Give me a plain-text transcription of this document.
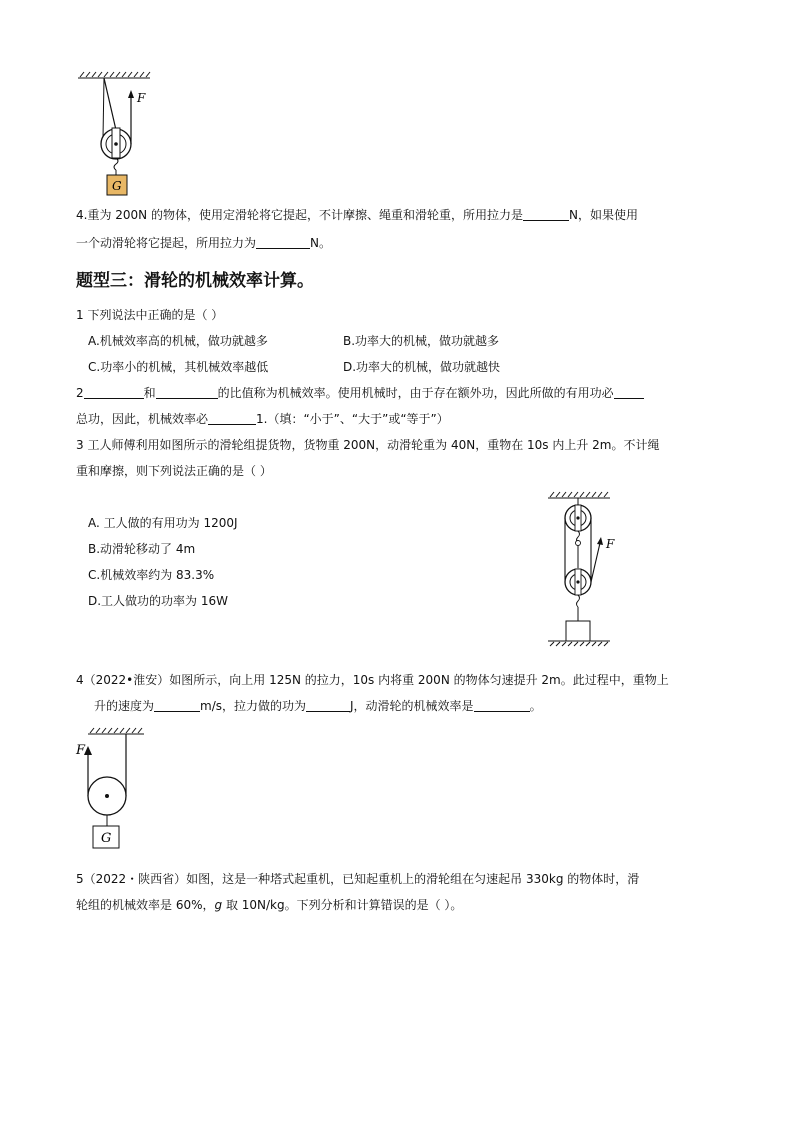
F
G
4.重为 200N 的物体，使用定滑轮将它提起，不计摩擦、绳重和滑轮重，所用拉力是	N，如果使用
一个动滑轮将它提起，所用拉力为	N。
题型三：滑轮的机械效率计算。
1 下列说法中正确的是（ ）
A.机械效率高的机械，做功就越多	B.功率大的机械，做功就越多
C.功率小的机械，其机械效率越低	D.功率大的机械，做功就越快
2	和	的比值称为机械效率。使用机械时，由于存在额外功，因此所做的有用功必
总功，因此，机械效率必	1.（填：“小于”、“大于”或“等于”）
3 工人师傅利用如图所示的滑轮组提货物，货物重 200N，动滑轮重为 40N，重物在 10s 内上升 2m。不计绳
重和摩擦，则下列说法正确的是（ ）
A. 工人做的有用功为 1200J
B.动滑轮移动了 4m
C.机械效率约为 83.3%
D.工人做功的功率为 16W
F
4（2022•淮安）如图所示，向上用 125N 的拉力，10s 内将重 200N 的物体匀速提升 2m。此过程中，重物上
升的速度为	m/s，拉力做的功为	J，动滑轮的机械效率是	。
F
G
5（2022・陕西省）如图，这是一种塔式起重机，已知起重机上的滑轮组在匀速起吊 330kg 的物体时，滑
轮组的机械效率是 60%，g 取 10N/kg。下列分析和计算错误的是（ ）。
